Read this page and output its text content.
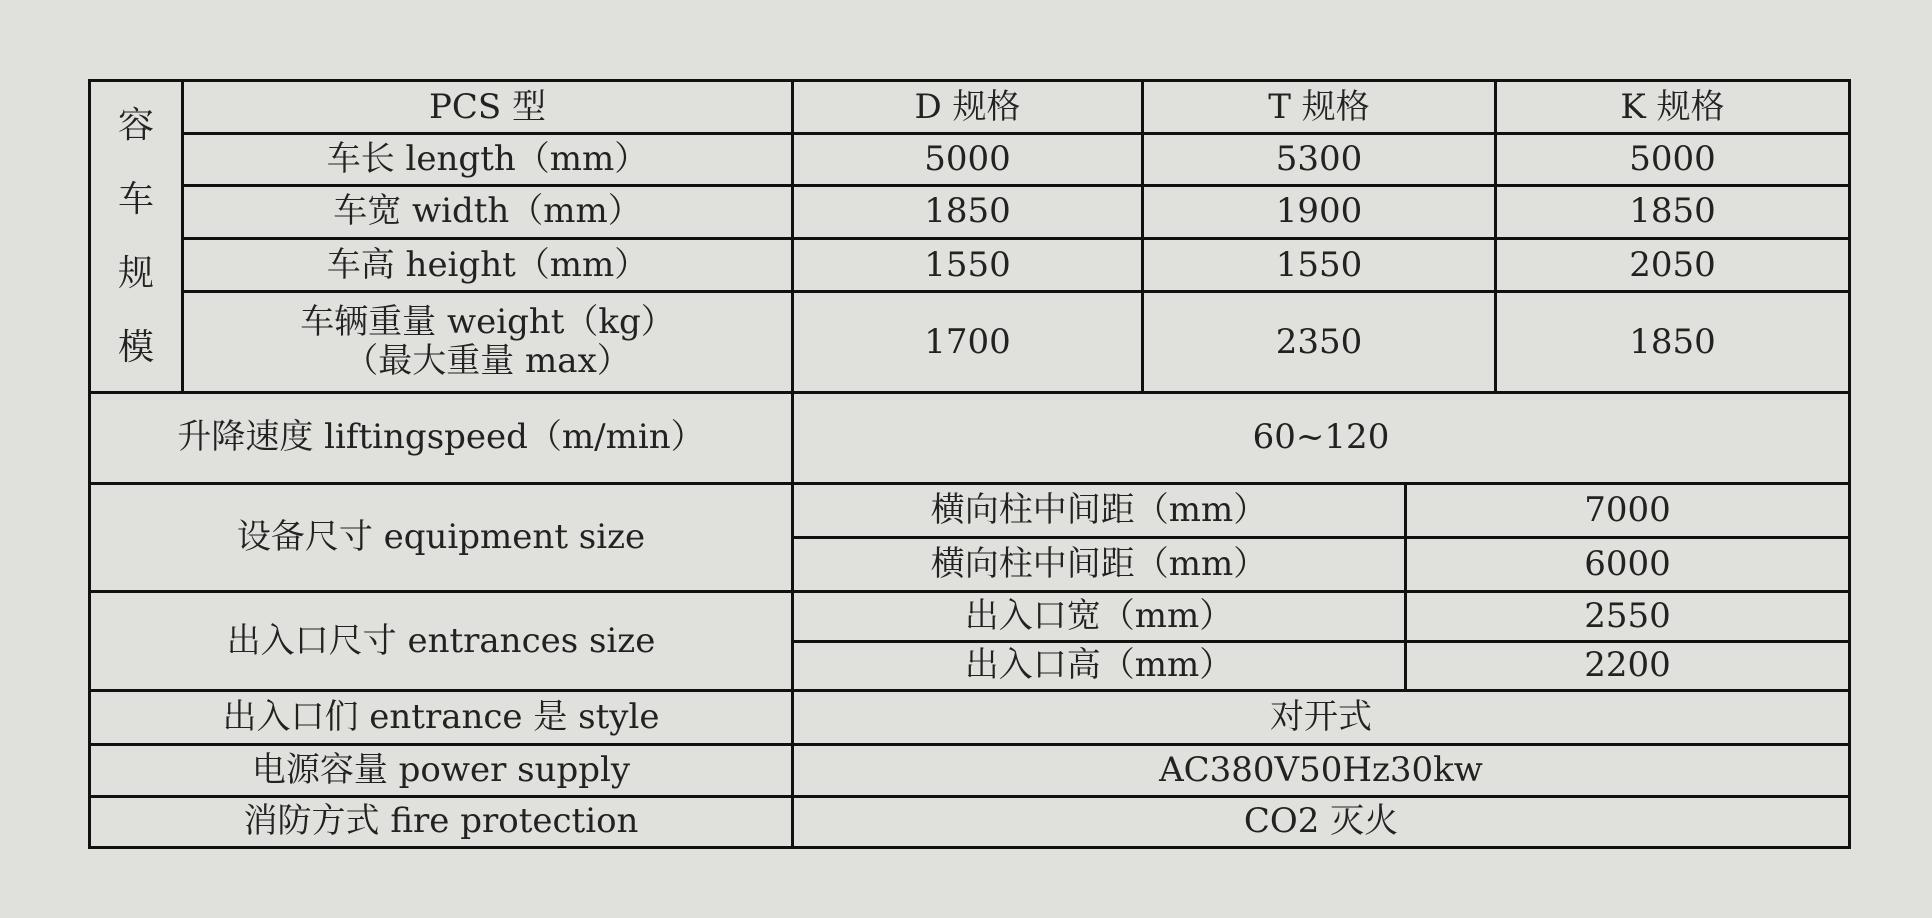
容
车
规
模	PCS 型	D 规格	T 规格		K 规格
	车长 length（mm）	5000	5300		5000
	车宽 width（mm）	1850	1900		1850
	车高 height（mm）	1550	1550		2050

	车辆重量 weight（kg）
（最大重量 max）	1700	2350		1850
升降速度 liftingspeed（m/min）		60~120			
设备尺寸 equipment size		横向柱中间距（mm）		7000	
		横向柱中间距（mm）		6000	
出入口尺寸 entrances size		出入口宽（mm）		2550	
		出入口高（mm）		2200	
出入口们 entrance 是 style		对开式			
电源容量 power supply		AC380V50Hz30kw			
消防方式 fire protection		CO2 灭火			
